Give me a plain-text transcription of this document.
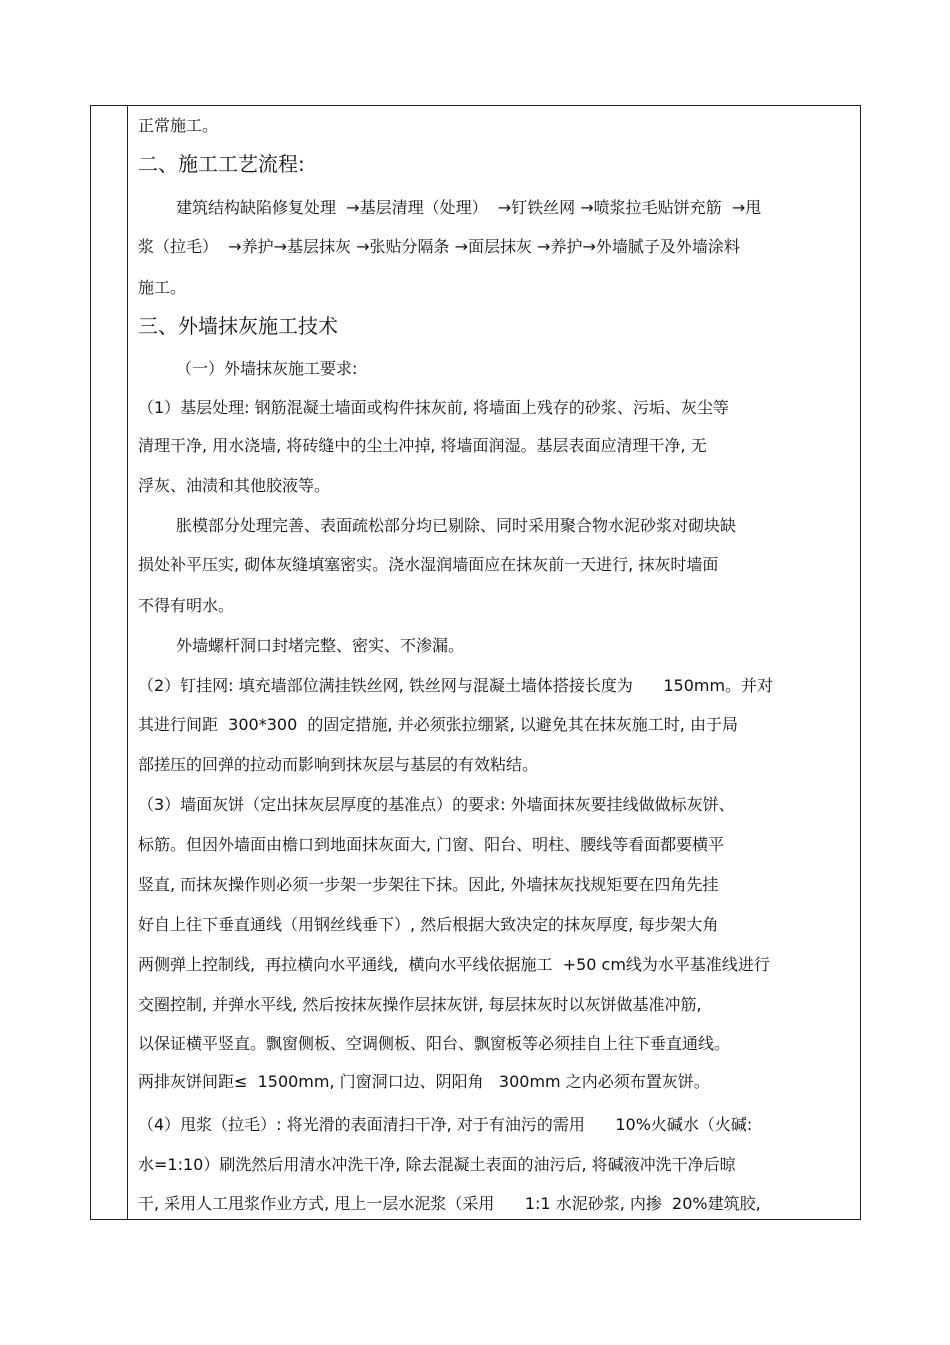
正常施工。
二、施工工艺流程:
建筑结构缺陷修复处理  →基层清理（处理）  →钉铁丝网 →喷浆拉毛贴饼充筋  →甩
浆（拉毛）  →养护→基层抹灰 →张贴分隔条 →面层抹灰 →养护→外墙腻子及外墙涂料
施工。
三、外墙抹灰施工技术
（一）外墙抹灰施工要求:
（1）基层处理: 钢筋混凝土墙面或构件抹灰前, 将墙面上残存的砂浆、污垢、灰尘等
清理干净, 用水浇墙, 将砖缝中的尘土冲掉, 将墙面润湿。基层表面应清理干净, 无
浮灰、油渍和其他胶液等。
胀模部分处理完善、表面疏松部分均已剔除、同时采用聚合物水泥砂浆对砌块缺
损处补平压实, 砌体灰缝填塞密实。浇水湿润墙面应在抹灰前一天进行, 抹灰时墙面
不得有明水。
外墙螺杆洞口封堵完整、密实、不渗漏。
（2）钉挂网: 填充墙部位满挂铁丝网, 铁丝网与混凝土墙体搭接长度为      150mm。并对
其进行间距  300*300  的固定措施, 并必须张拉绷紧, 以避免其在抹灰施工时, 由于局
部搓压的回弹的拉动而影响到抹灰层与基层的有效粘结。
（3）墙面灰饼（定出抹灰层厚度的基准点）的要求: 外墙面抹灰要挂线做做标灰饼、
标筋。但因外墙面由檐口到地面抹灰面大, 门窗、阳台、明柱、腰线等看面都要横平
竖直, 而抹灰操作则必须一步架一步架往下抹。因此, 外墙抹灰找规矩要在四角先挂
好自上往下垂直通线（用钢丝线垂下）, 然后根据大致决定的抹灰厚度, 每步架大角
两侧弹上控制线,  再拉横向水平通线,  横向水平线依据施工  +50 cm线为水平基准线进行
交圈控制, 并弹水平线, 然后按抹灰操作层抹灰饼, 每层抹灰时以灰饼做基准冲筋,
以保证横平竖直。飘窗侧板、空调侧板、阳台、飘窗板等必须挂自上往下垂直通线。
两排灰饼间距≤  1500mm, 门窗洞口边、阴阳角   300mm 之内必须布置灰饼。
（4）甩浆（拉毛）: 将光滑的表面清扫干净, 对于有油污的需用      10%火碱水（火碱:
水=1:10）刷洗然后用清水冲洗干净, 除去混凝土表面的油污后, 将碱液冲洗干净后晾
干, 采用人工甩浆作业方式, 甩上一层水泥浆（采用      1:1 水泥砂浆, 内掺  20%建筑胶,
